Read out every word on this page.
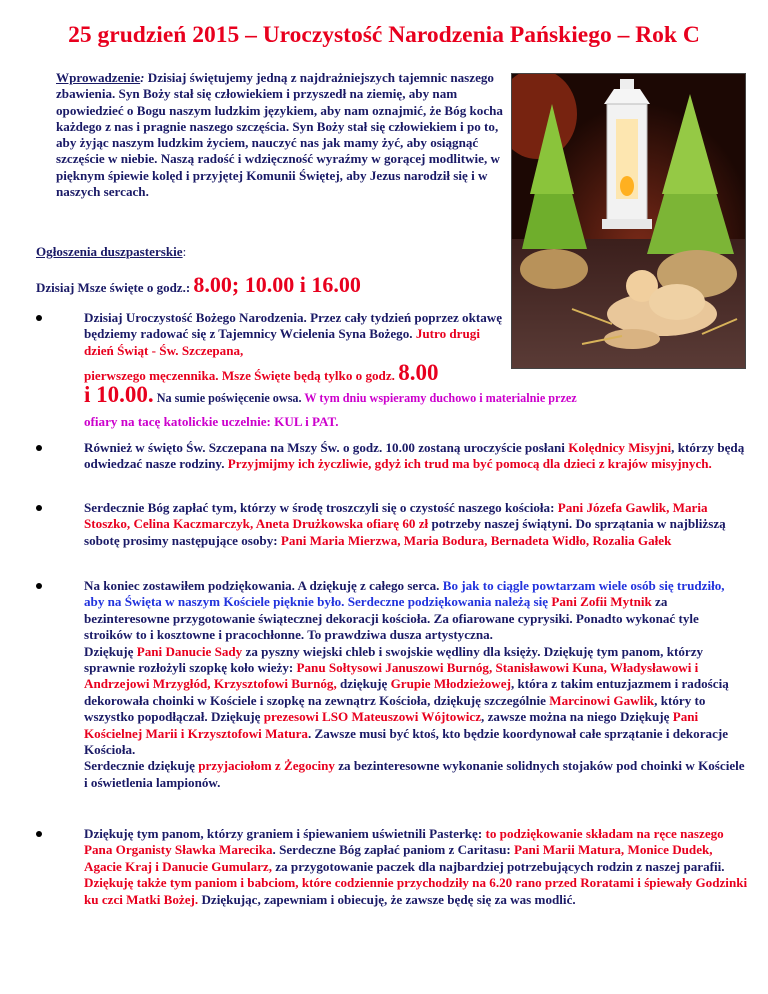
25 grudzień 2015 – Uroczystość Narodzenia Pańskiego – Rok C
Wprowadzenie: Dzisiaj świętujemy jedną z najdrażniejszych tajemnic naszego zbawienia. Syn Boży stał się człowiekiem i przyszedł na ziemię, aby nam opowiedzieć o Bogu naszym ludzkim językiem, aby nam oznajmić, że Bóg kocha każdego z nas i pragnie naszego szczęścia. Syn Boży stał się człowiekiem i po to, aby żyjąc naszym ludzkim życiem, nauczyć nas jak mamy żyć, aby osiągnąć szczęście w niebie. Naszą radość i wdzięczność wyraźmy w gorącej modlitwie, w pięknym śpiewie kolęd i przyjętej Komunii Świętej, aby Jezus narodził się i w naszych sercach.
Ogłoszenia duszpasterskie:
Dzisiaj Msze święte o godz.: 8.00; 10.00 i 16.00
Dzisiaj Uroczystość Bożego Narodzenia. Przez cały tydzień poprzez oktawę będziemy radować się z Tajemnicy Wcielenia Syna Bożego. Jutro drugi dzień Świąt - Św. Szczepana,
pierwszego męczennika. Msze Święte będą tylko o godz. 8.00
i 10.00. Na sumie poświęcenie owsa. W tym dniu wspieramy duchowo i materialnie przez
ofiary na tacę katolickie uczelnie: KUL i PAT.
Również w święto Św. Szczepana na Mszy Św. o godz. 10.00 zostaną uroczyście posłani Kolędnicy Misyjni, którzy będą odwiedzać nasze rodziny. Przyjmijmy ich życzliwie, gdyż ich trud ma być pomocą dla dzieci z krajów misyjnych.
Serdecznie Bóg zapłać tym, którzy w środę troszczyli się o czystość naszego kościoła: Pani Józefa Gawlik, Maria Stoszko, Celina Kaczmarczyk, Aneta Drużkowska ofiarę 60 zł potrzeby naszej świątyni. Do sprzątania w najbliższą sobotę prosimy następujące osoby: Pani Maria Mierzwa, Maria Bodura, Bernadeta Widło, Rozalia Gałek
Na koniec zostawiłem podziękowania. A dziękuję z całego serca. Bo jak to ciągle powtarzam wiele osób się trudziło, aby na Święta w naszym Kościele pięknie było. Serdeczne podziękowania należą się Pani Zofii Mytnik za bezinteresowne przygotowanie świątecznej dekoracji kościoła. Za ofiarowane cyprysiki. Ponadto wykonać tyle stroików to i kosztowne i pracochłonne. To prawdziwa dusza artystyczna.
Dziękuję Pani Danucie Sady za pyszny wiejski chleb i swojskie wędliny dla księży. Dziękuję tym panom, którzy sprawnie rozłożyli szopkę koło wieży: Panu Sołtysowi Januszowi Burnóg, Stanisławowi Kuna, Władysławowi i Andrzejowi Mrzygłód, Krzysztofowi Burnóg, dziękuję Grupie Młodzieżowej, która z takim entuzjazmem i radością dekorowała choinki w Kościele i szopkę na zewnątrz Kościoła, dziękuję szczególnie Marcinowi Gawlik, który to wszystko popodłączał. Dziękuję prezesowi LSO Mateuszowi Wójtowicz, zawsze można na niego Dziękuję Pani Kościelnej Marii i Krzysztofowi Matura. Zawsze musi być ktoś, kto będzie koordynował całe sprzątanie i dekoracje Kościoła.
Serdecznie dziękuję przyjaciołom z Żegociny za bezinteresowne wykonanie solidnych stojaków pod choinki w Kościele i oświetlenia lampionów.
Dziękuję tym panom, którzy graniem i śpiewaniem uświetnili Pasterkę: to podziękowanie składam na ręce naszego Pana Organisty Sławka Marecika. Serdeczne Bóg zapłać paniom z Caritasu: Pani Marii Matura, Monice Dudek, Agacie Kraj i Danucie Gumularz, za przygotowanie paczek dla najbardziej potrzebujących rodzin z naszej parafii. Dziękuję także tym paniom i babciom, które codziennie przychodziły na 6.20 rano przed Roratami i śpiewały Godzinki ku czci Matki Bożej. Dziękując, zapewniam i obiecuję, że zawsze będę się za was modlić.
